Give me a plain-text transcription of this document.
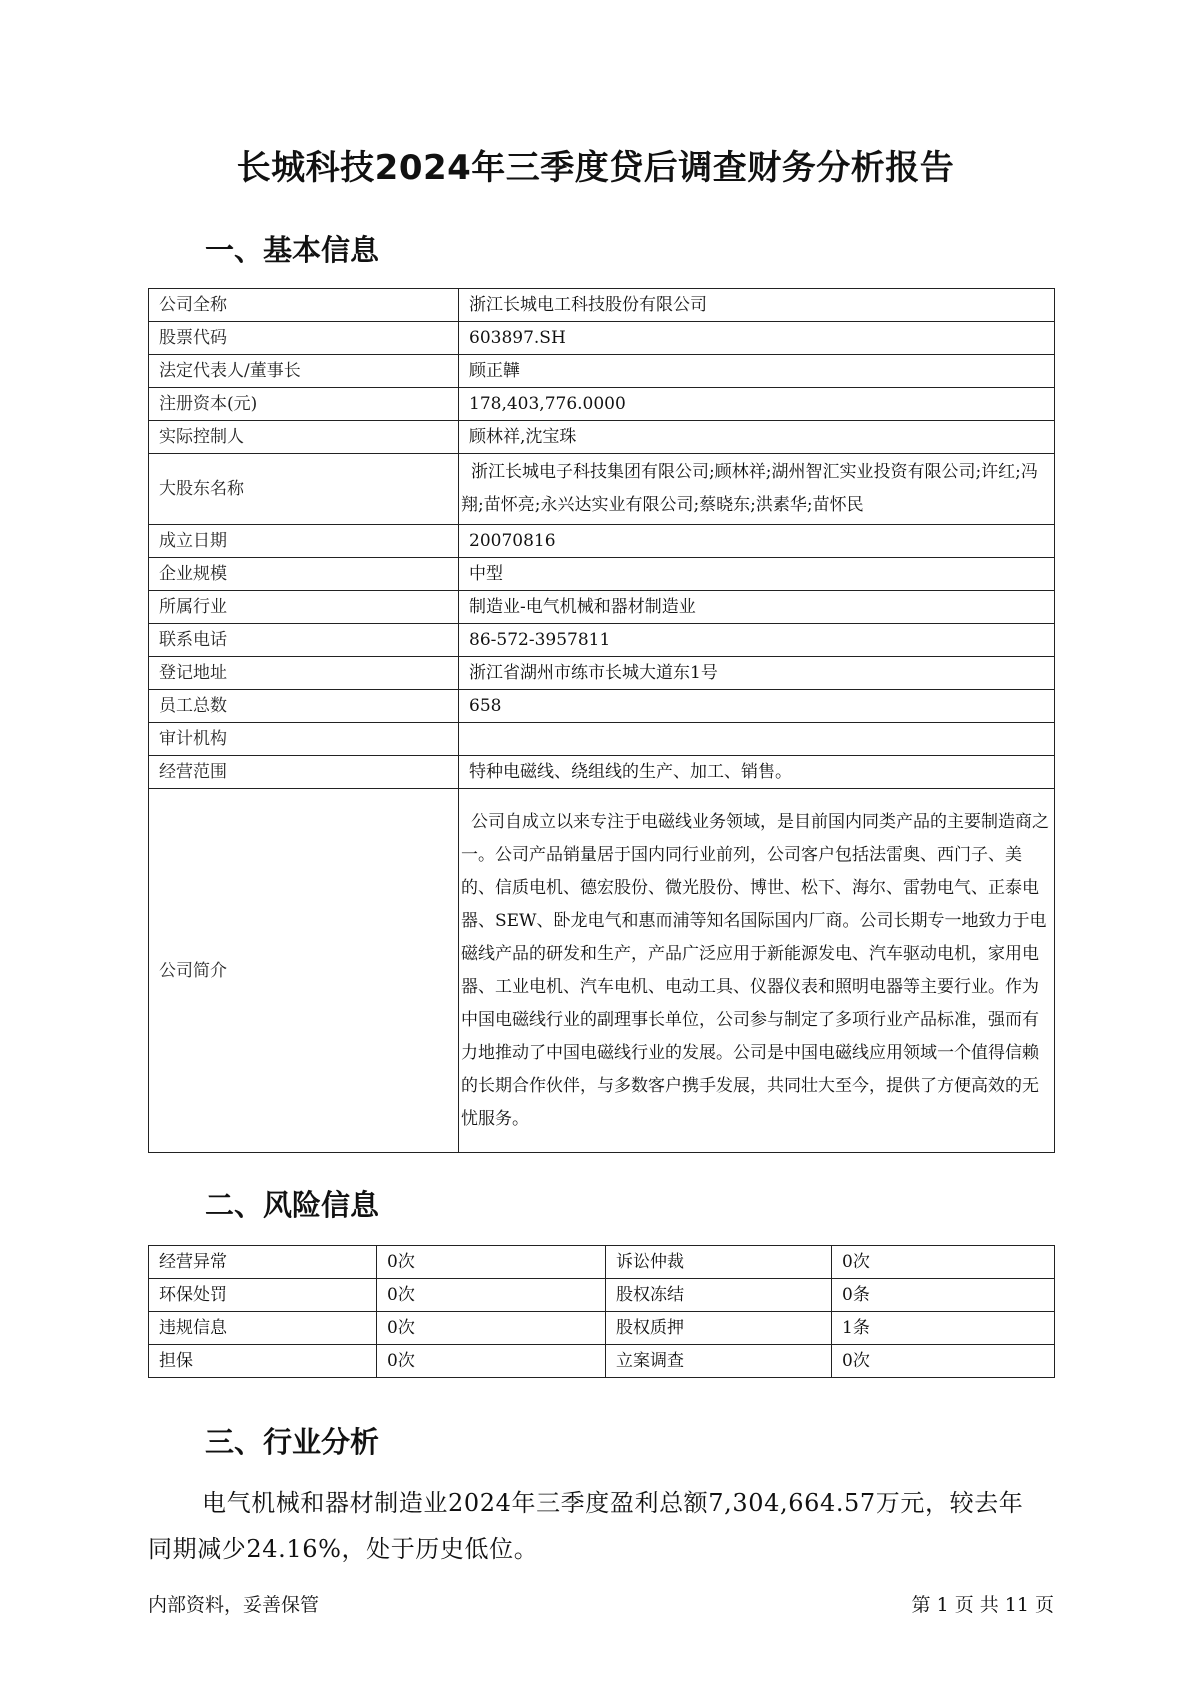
长城科技2024年三季度贷后调查财务分析报告
一、基本信息
公司全称	浙江长城电工科技股份有限公司
股票代码	603897.SH
法定代表人/董事长	顾正韡
注册资本(元)	178,403,776.0000
实际控制人	顾林祥,沈宝珠
大股东名称	浙江长城电子科技集团有限公司;顾林祥;湖州智汇实业投资有限公司;许红;冯翔;苗怀亮;永兴达实业有限公司;蔡晓东;洪素华;苗怀民
成立日期	20070816
企业规模	中型
所属行业	制造业-电气机械和器材制造业
联系电话	86-572-3957811
登记地址	浙江省湖州市练市长城大道东1号
员工总数	658
审计机构	
经营范围	特种电磁线、绕组线的生产、加工、销售。
公司简介	公司自成立以来专注于电磁线业务领域，是目前国内同类产品的主要制造商之一。公司产品销量居于国内同行业前列，公司客户包括法雷奥、西门子、美的、信质电机、德宏股份、微光股份、博世、松下、海尔、雷勃电气、正泰电器、SEW、卧龙电气和惠而浦等知名国际国内厂商。公司长期专一地致力于电磁线产品的研发和生产，产品广泛应用于新能源发电、汽车驱动电机，家用电器、工业电机、汽车电机、电动工具、仪器仪表和照明电器等主要行业。作为中国电磁线行业的副理事长单位，公司参与制定了多项行业产品标准，强而有力地推动了中国电磁线行业的发展。公司是中国电磁线应用领域一个值得信赖的长期合作伙伴，与多数客户携手发展，共同壮大至今，提供了方便高效的无忧服务。
二、风险信息
经营异常	0次	诉讼仲裁	0次
环保处罚	0次	股权冻结	0条
违规信息	0次	股权质押	1条
担保	0次	立案调查	0次
三、行业分析

电气机械和器材制造业2024年三季度盈利总额7,304,664.57万元，较去年同期减少24.16%，处于历史低位。

内部资料，妥善保管	第 1 页 共 11 页
